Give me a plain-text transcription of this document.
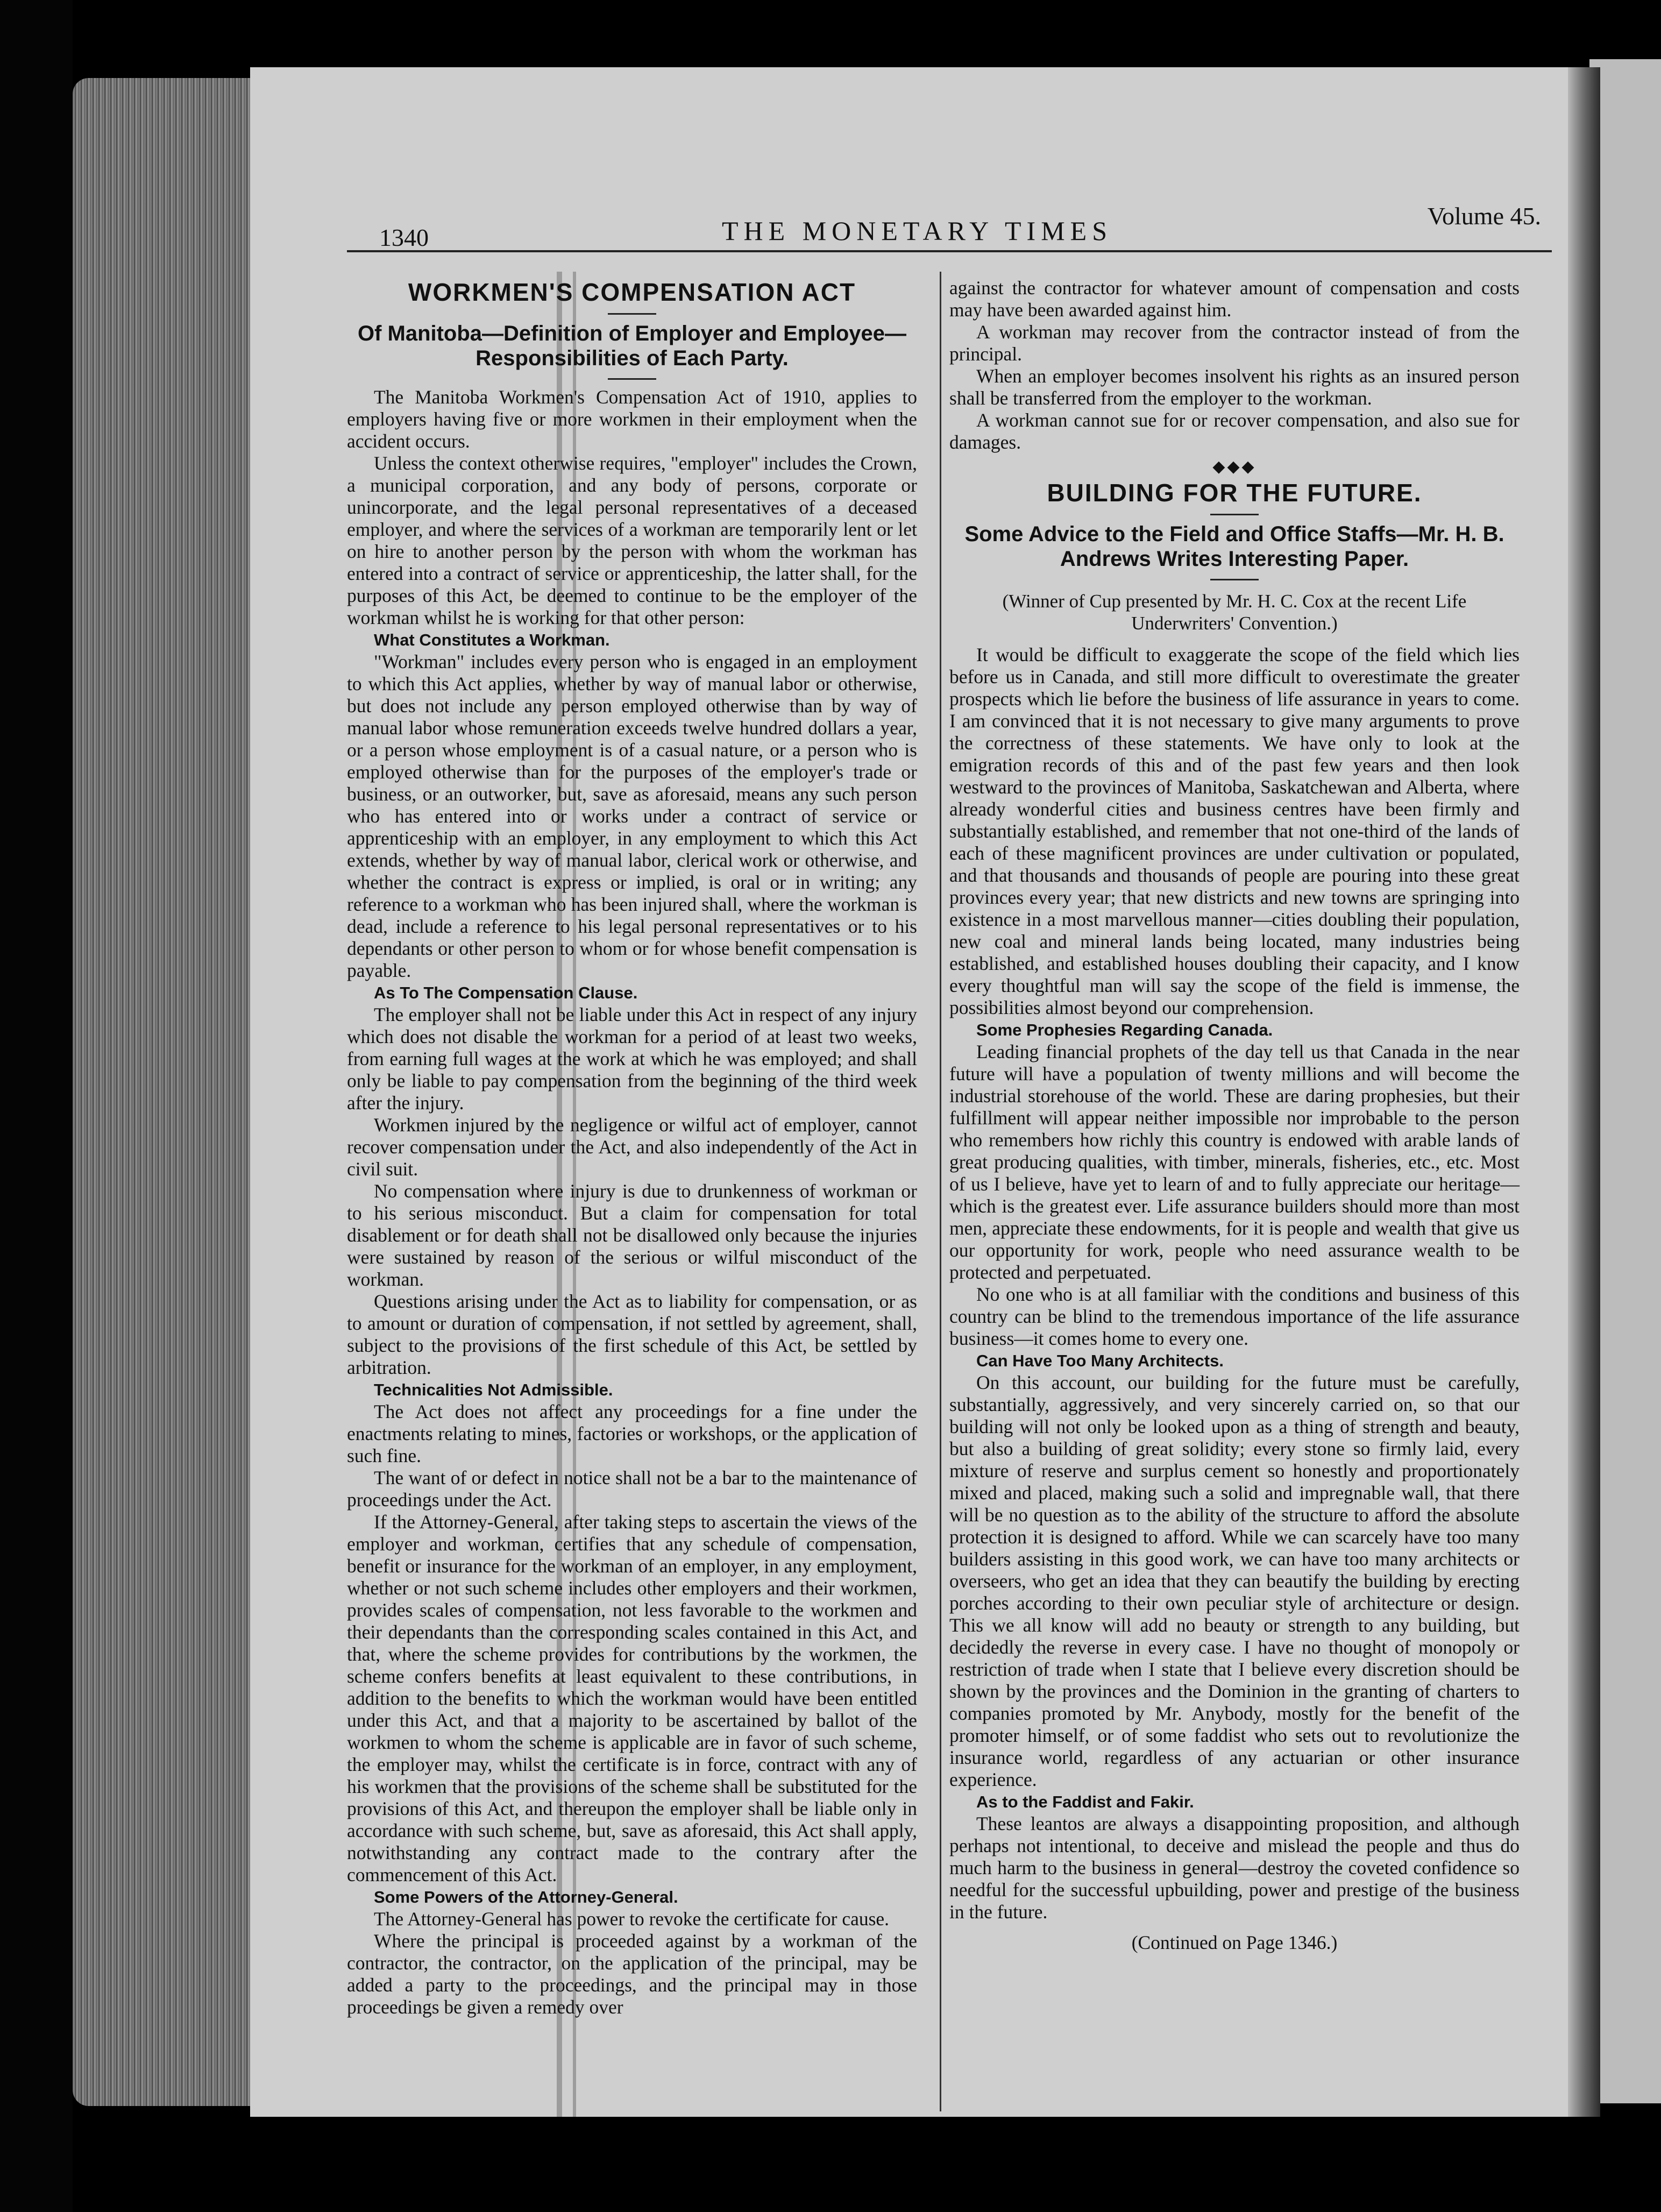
1340	THE MONETARY TIMES	Volume 45.
WORKMEN'S COMPENSATION ACT
Of Manitoba—Definition of Employer and Employee—Responsibilities of Each Party.

The Manitoba Workmen's Compensation Act of 1910, applies to employers having five or more workmen in their employment when the accident occurs.

Unless the context otherwise requires, "employer" includes the Crown, a municipal corporation, and any body of persons, corporate or unincorporate, and the legal personal representatives of a deceased employer, and where the services of a workman are temporarily lent or let on hire to another person by the person with whom the workman has entered into a contract of service or apprenticeship, the latter shall, for the purposes of this Act, be deemed to continue to be the employer of the workman whilst he is working for that other person:

What Constitutes a Workman.

"Workman" includes every person who is engaged in an employment to which this Act applies, whether by way of manual labor or otherwise, but does not include any person employed otherwise than by way of manual labor whose remuneration exceeds twelve hundred dollars a year, or a person whose employment is of a casual nature, or a person who is employed otherwise than for the purposes of the employer's trade or business, or an outworker, but, save as aforesaid, means any such person who has entered into or works under a contract of service or apprenticeship with an employer, in any employment to which this Act extends, whether by way of manual labor, clerical work or otherwise, and whether the contract is express or implied, is oral or in writing; any reference to a workman who has been injured shall, where the workman is dead, include a reference to his legal personal representatives or to his dependants or other person to whom or for whose benefit compensation is payable.

As To The Compensation Clause.

The employer shall not be liable under this Act in respect of any injury which does not disable the workman for a period of at least two weeks, from earning full wages at the work at which he was employed; and shall only be liable to pay compensation from the beginning of the third week after the injury.

Workmen injured by the negligence or wilful act of employer, cannot recover compensation under the Act, and also independently of the Act in civil suit.

No compensation where injury is due to drunkenness of workman or to his serious misconduct. But a claim for compensation for total disablement or for death shall not be disallowed only because the injuries were sustained by reason of the serious or wilful misconduct of the workman.

Questions arising under the Act as to liability for compensation, or as to amount or duration of compensation, if not settled by agreement, shall, subject to the provisions of the first schedule of this Act, be settled by arbitration.

Technicalities Not Admissible.

The Act does not affect any proceedings for a fine under the enactments relating to mines, factories or workshops, or the application of such fine.

The want of or defect in notice shall not be a bar to the maintenance of proceedings under the Act.

If the Attorney-General, after taking steps to ascertain the views of the employer and workman, certifies that any schedule of compensation, benefit or insurance for the workman of an employer, in any employment, whether or not such scheme includes other employers and their workmen, provides scales of compensation, not less favorable to the workmen and their dependants than the corresponding scales contained in this Act, and that, where the scheme provides for contributions by the workmen, the scheme confers benefits at least equivalent to these contributions, in addition to the benefits to which the workman would have been entitled under this Act, and that a majority to be ascertained by ballot of the workmen to whom the scheme is applicable are in favor of such scheme, the employer may, whilst the certificate is in force, contract with any of his workmen that the provisions of the scheme shall be substituted for the provisions of this Act, and thereupon the employer shall be liable only in accordance with such scheme, but, save as aforesaid, this Act shall apply, notwithstanding any contract made to the contrary after the commencement of this Act.

Some Powers of the Attorney-General.

The Attorney-General has power to revoke the certificate for cause.

Where the principal is proceeded against by a workman of the contractor, the contractor, on the application of the principal, may be added a party to the proceedings, and the principal may in those proceedings be given a remedy over

against the contractor for whatever amount of compensation and costs may have been awarded against him.

A workman may recover from the contractor instead of from the principal.

When an employer becomes insolvent his rights as an insured person shall be transferred from the employer to the workman.

A workman cannot sue for or recover compensation, and also sue for damages.

◆◆◆
BUILDING FOR THE FUTURE.
Some Advice to the Field and Office Staffs—Mr. H. B. Andrews Writes Interesting Paper.
(Winner of Cup presented by Mr. H. C. Cox at the recent Life Underwriters' Convention.)

It would be difficult to exaggerate the scope of the field which lies before us in Canada, and still more difficult to overestimate the greater prospects which lie before the business of life assurance in years to come. I am convinced that it is not necessary to give many arguments to prove the correctness of these statements. We have only to look at the emigration records of this and of the past few years and then look westward to the provinces of Manitoba, Saskatchewan and Alberta, where already wonderful cities and business centres have been firmly and substantially established, and remember that not one-third of the lands of each of these magnificent provinces are under cultivation or populated, and that thousands and thousands of people are pouring into these great provinces every year; that new districts and new towns are springing into existence in a most marvellous manner—cities doubling their population, new coal and mineral lands being located, many industries being established, and established houses doubling their capacity, and I know every thoughtful man will say the scope of the field is immense, the possibilities almost beyond our comprehension.

Some Prophesies Regarding Canada.

Leading financial prophets of the day tell us that Canada in the near future will have a population of twenty millions and will become the industrial storehouse of the world. These are daring prophesies, but their fulfillment will appear neither impossible nor improbable to the person who remembers how richly this country is endowed with arable lands of great producing qualities, with timber, minerals, fisheries, etc., etc. Most of us I believe, have yet to learn of and to fully appreciate our heritage—which is the greatest ever. Life assurance builders should more than most men, appreciate these endowments, for it is people and wealth that give us our opportunity for work, people who need assurance wealth to be protected and perpetuated.

No one who is at all familiar with the conditions and business of this country can be blind to the tremendous importance of the life assurance business—it comes home to every one.

Can Have Too Many Architects.

On this account, our building for the future must be carefully, substantially, aggressively, and very sincerely carried on, so that our building will not only be looked upon as a thing of strength and beauty, but also a building of great solidity; every stone so firmly laid, every mixture of reserve and surplus cement so honestly and proportionately mixed and placed, making such a solid and impregnable wall, that there will be no question as to the ability of the structure to afford the absolute protection it is designed to afford. While we can scarcely have too many builders assisting in this good work, we can have too many architects or overseers, who get an idea that they can beautify the building by erecting porches according to their own peculiar style of architecture or design. This we all know will add no beauty or strength to any building, but decidedly the reverse in every case. I have no thought of monopoly or restriction of trade when I state that I believe every discretion should be shown by the provinces and the Dominion in the granting of charters to companies promoted by Mr. Anybody, mostly for the benefit of the promoter himself, or of some faddist who sets out to revolutionize the insurance world, regardless of any actuarian or other insurance experience.

As to the Faddist and Fakir.

These leantos are always a disappointing proposition, and although perhaps not intentional, to deceive and mislead the people and thus do much harm to the business in general—destroy the coveted confidence so needful for the successful upbuilding, power and prestige of the business in the future.

(Continued on Page 1346.)
